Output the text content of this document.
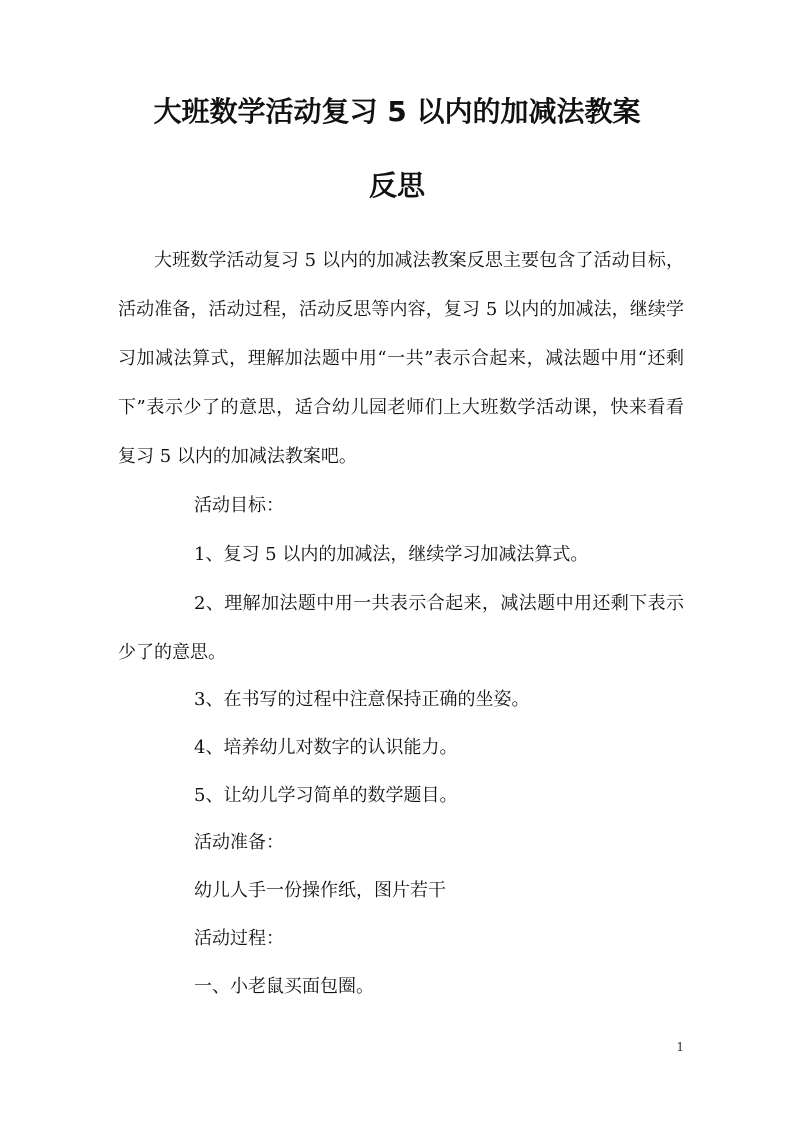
大班数学活动复习 5 以内的加减法教案
反思

大班数学活动复习 5 以内的加减法教案反思主要包含了活动目标，活动准备，活动过程，活动反思等内容，复习 5 以内的加减法，继续学习加减法算式，理解加法题中用“一共”表示合起来，减法题中用“还剩下”表示少了的意思，适合幼儿园老师们上大班数学活动课，快来看看复习 5 以内的加减法教案吧。

活动目标：

1、复习 5 以内的加减法，继续学习加减法算式。

2、理解加法题中用一共表示合起来，减法题中用还剩下表示少了的意思。

3、在书写的过程中注意保持正确的坐姿。

4、培养幼儿对数字的认识能力。

5、让幼儿学习简单的数学题目。

活动准备：

幼儿人手一份操作纸，图片若干

活动过程：

一、小老鼠买面包圈。

1
